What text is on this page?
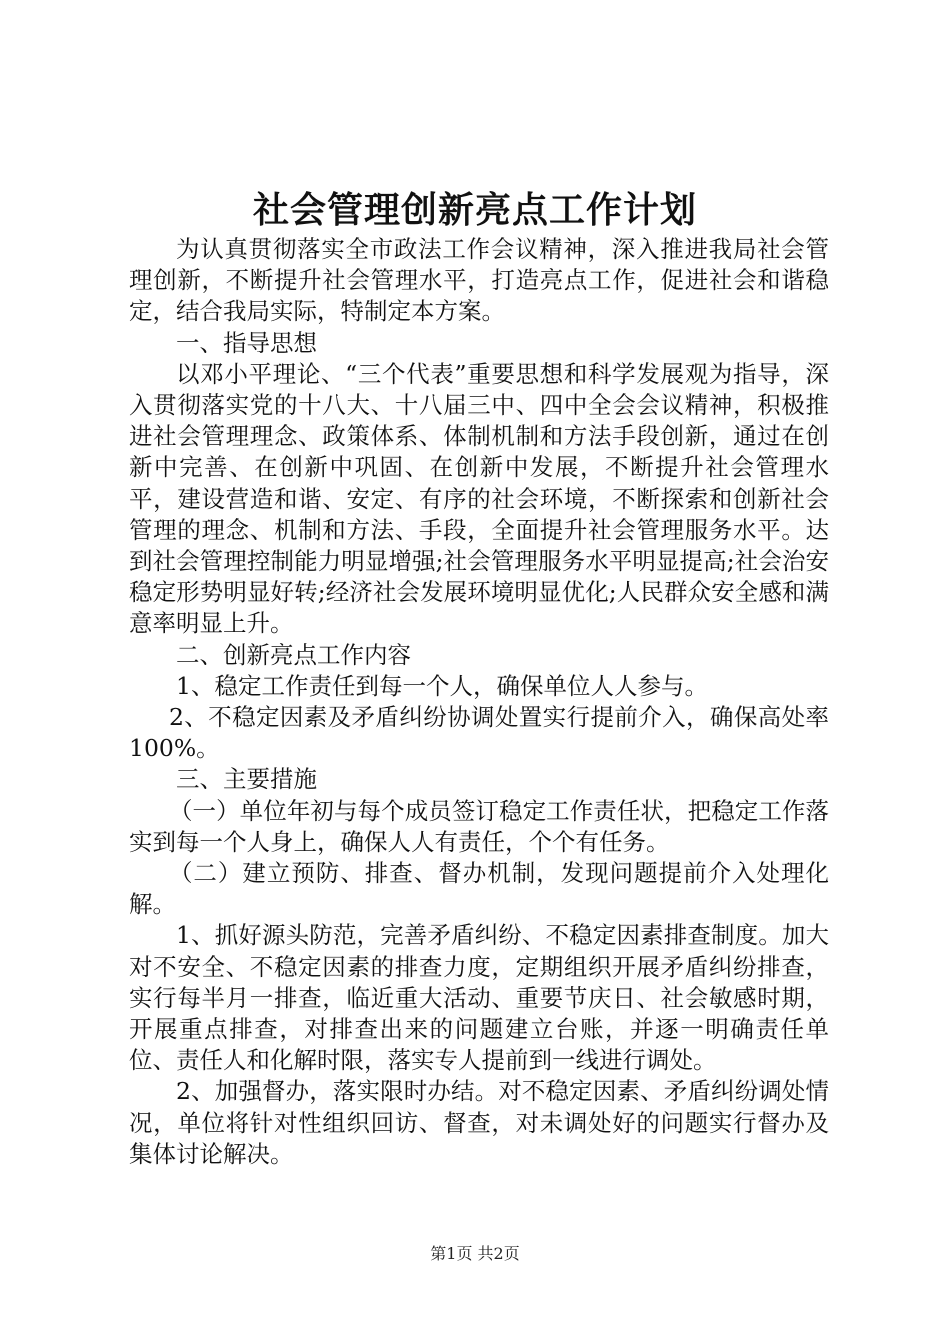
社会管理创新亮点工作计划

为认真贯彻落实全市政法工作会议精神，深入推进我局社会管理创新，不断提升社会管理水平，打造亮点工作，促进社会和谐稳定，结合我局实际，特制定本方案。

一、指导思想

以邓小平理论、“三个代表”重要思想和科学发展观为指导，深入贯彻落实党的十八大、十八届三中、四中全会会议精神，积极推进社会管理理念、政策体系、体制机制和方法手段创新，通过在创新中完善、在创新中巩固、在创新中发展，不断提升社会管理水平，建设营造和谐、安定、有序的社会环境，不断探索和创新社会管理的理念、机制和方法、手段，全面提升社会管理服务水平。达到社会管理控制能力明显增强;社会管理服务水平明显提高;社会治安稳定形势明显好转;经济社会发展环境明显优化;人民群众安全感和满意率明显上升。

二、创新亮点工作内容

1、稳定工作责任到每一个人，确保单位人人参与。

2、不稳定因素及矛盾纠纷协调处置实行提前介入，确保高处率100%。

三、主要措施

（一）单位年初与每个成员签订稳定工作责任状，把稳定工作落实到每一个人身上，确保人人有责任，个个有任务。

（二）建立预防、排查、督办机制，发现问题提前介入处理化解。

1、抓好源头防范，完善矛盾纠纷、不稳定因素排查制度。加大对不安全、不稳定因素的排查力度，定期组织开展矛盾纠纷排查，实行每半月一排查，临近重大活动、重要节庆日、社会敏感时期，开展重点排查，对排查出来的问题建立台账，并逐一明确责任单位、责任人和化解时限，落实专人提前到一线进行调处。

2、加强督办，落实限时办结。对不稳定因素、矛盾纠纷调处情况，单位将针对性组织回访、督查，对未调处好的问题实行督办及集体讨论解决。

第1页 共2页
